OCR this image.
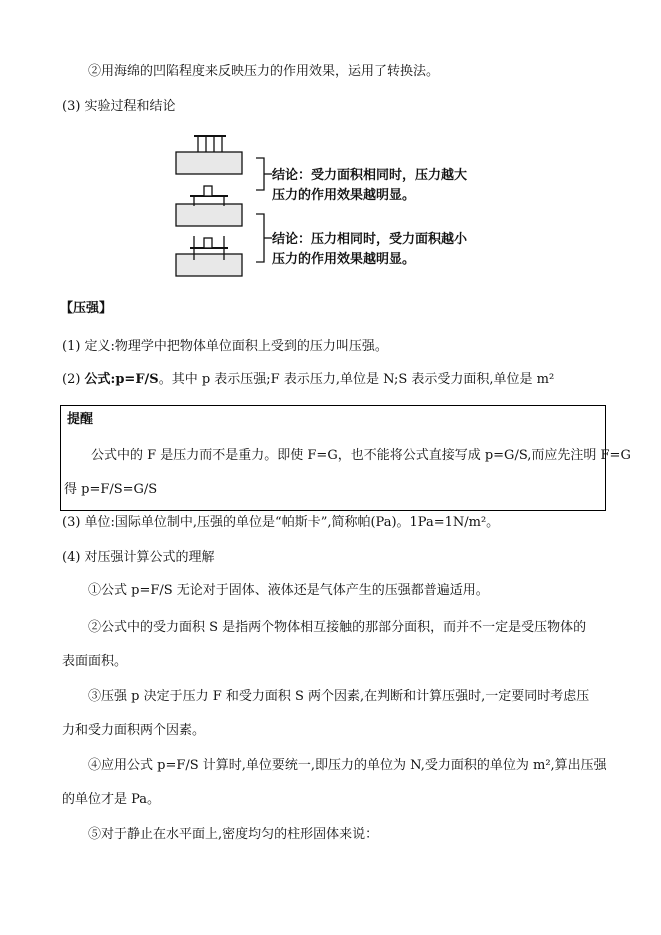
②用海绵的凹陷程度来反映压力的作用效果，运用了转换法。
(3) 实验过程和结论
结论：受力面积相同时，压力越大
压力的作用效果越明显。
结论：压力相同时，受力面积越小
压力的作用效果越明显。
【压强】
(1) 定义:物理学中把物体单位面积上受到的压力叫压强。
(2) 公式:p=F/S。其中 p 表示压强;F 表示压力,单位是 N;S 表示受力面积,单位是 m²
提醒
公式中的 F 是压力而不是重力。即使 F=G，也不能将公式直接写成 p=G/S,而应先注明 F=G
得 p=F/S=G/S
(3) 单位:国际单位制中,压强的单位是“帕斯卡”,简称帕(Pa)。1Pa=1N/m²。
(4) 对压强计算公式的理解
①公式 p=F/S 无论对于固体、液体还是气体产生的压强都普遍适用。
②公式中的受力面积 S 是指两个物体相互接触的那部分面积，而并不一定是受压物体的
表面面积。
③压强 p 决定于压力 F 和受力面积 S 两个因素,在判断和计算压强时,一定要同时考虑压
力和受力面积两个因素。
④应用公式 p=F/S 计算时,单位要统一,即压力的单位为 N,受力面积的单位为 m²,算出压强
的单位才是 Pa。
⑤对于静止在水平面上,密度均匀的柱形固体来说：
